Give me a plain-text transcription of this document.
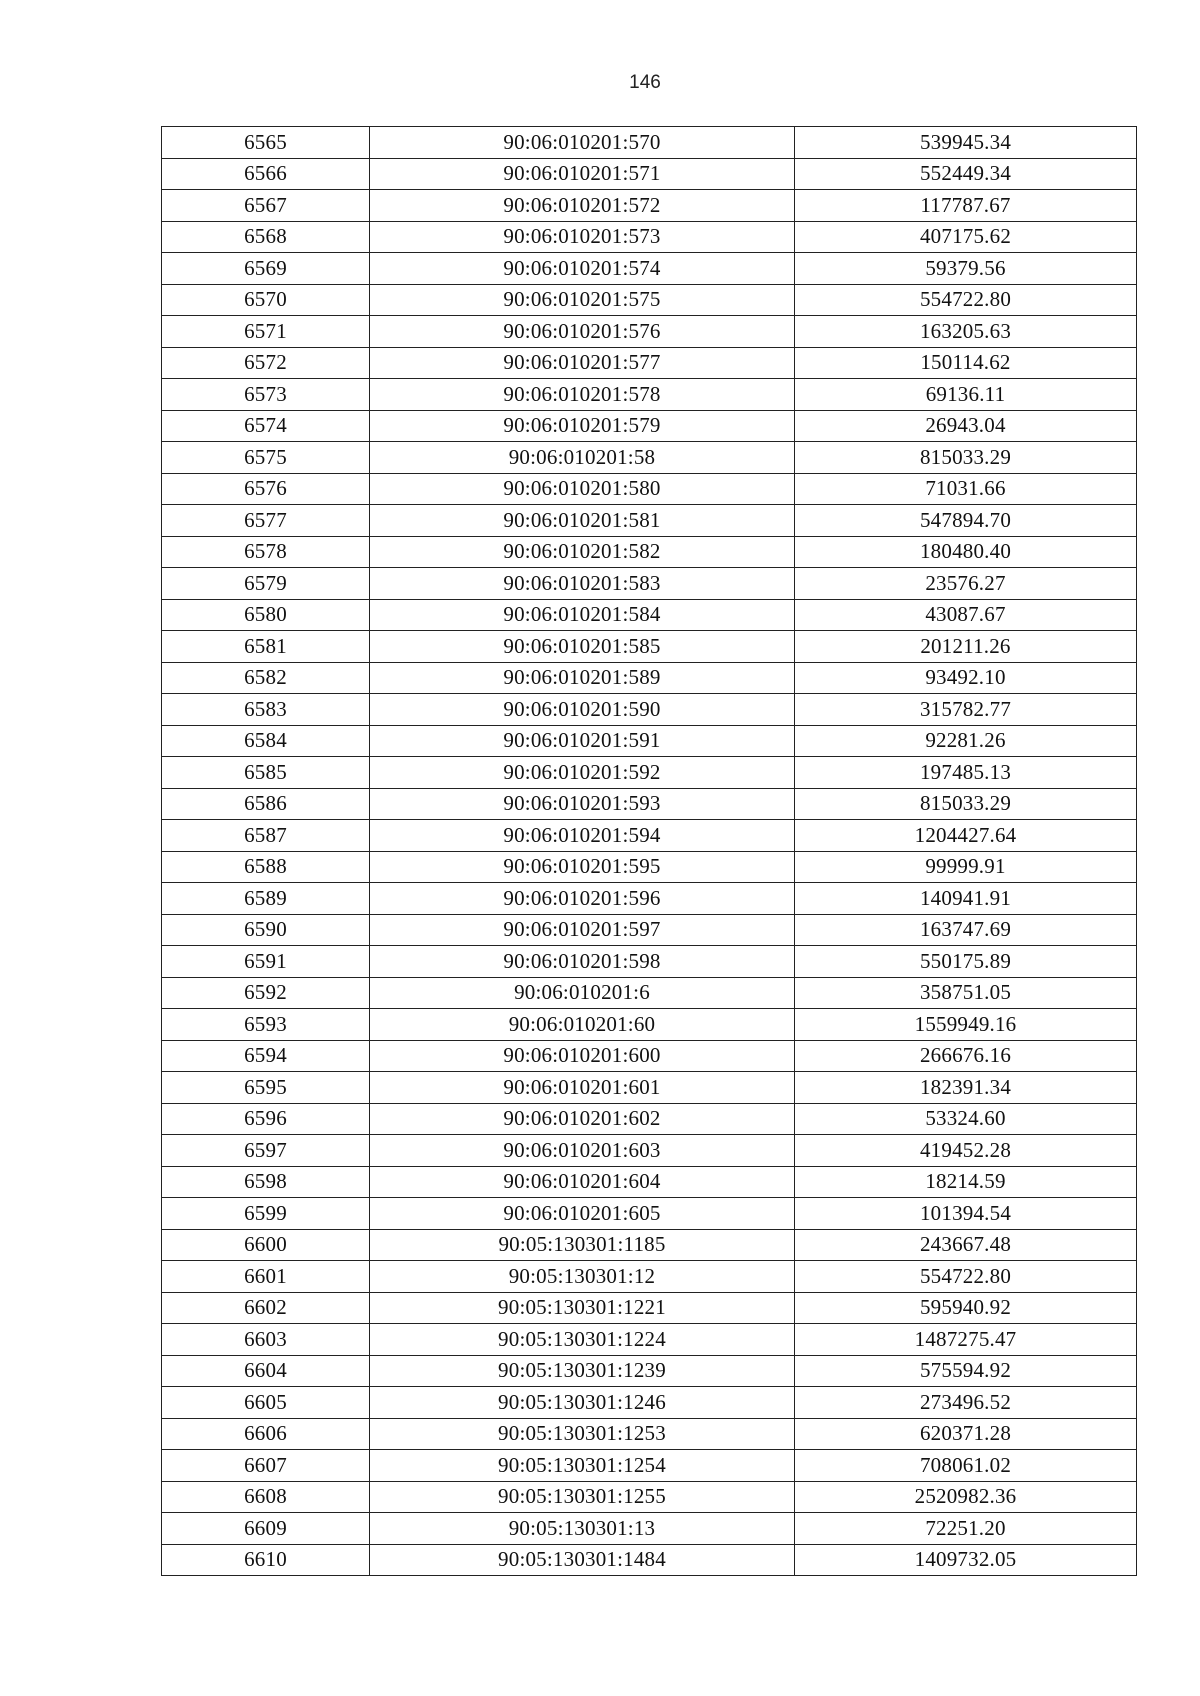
146
6565	90:06:010201:570	539945.34
6566	90:06:010201:571	552449.34
6567	90:06:010201:572	117787.67
6568	90:06:010201:573	407175.62
6569	90:06:010201:574	59379.56
6570	90:06:010201:575	554722.80
6571	90:06:010201:576	163205.63
6572	90:06:010201:577	150114.62
6573	90:06:010201:578	69136.11
6574	90:06:010201:579	26943.04
6575	90:06:010201:58	815033.29
6576	90:06:010201:580	71031.66
6577	90:06:010201:581	547894.70
6578	90:06:010201:582	180480.40
6579	90:06:010201:583	23576.27
6580	90:06:010201:584	43087.67
6581	90:06:010201:585	201211.26
6582	90:06:010201:589	93492.10
6583	90:06:010201:590	315782.77
6584	90:06:010201:591	92281.26
6585	90:06:010201:592	197485.13
6586	90:06:010201:593	815033.29
6587	90:06:010201:594	1204427.64
6588	90:06:010201:595	99999.91
6589	90:06:010201:596	140941.91
6590	90:06:010201:597	163747.69
6591	90:06:010201:598	550175.89
6592	90:06:010201:6	358751.05
6593	90:06:010201:60	1559949.16
6594	90:06:010201:600	266676.16
6595	90:06:010201:601	182391.34
6596	90:06:010201:602	53324.60
6597	90:06:010201:603	419452.28
6598	90:06:010201:604	18214.59
6599	90:06:010201:605	101394.54
6600	90:05:130301:1185	243667.48
6601	90:05:130301:12	554722.80
6602	90:05:130301:1221	595940.92
6603	90:05:130301:1224	1487275.47
6604	90:05:130301:1239	575594.92
6605	90:05:130301:1246	273496.52
6606	90:05:130301:1253	620371.28
6607	90:05:130301:1254	708061.02
6608	90:05:130301:1255	2520982.36
6609	90:05:130301:13	72251.20
6610	90:05:130301:1484	1409732.05
